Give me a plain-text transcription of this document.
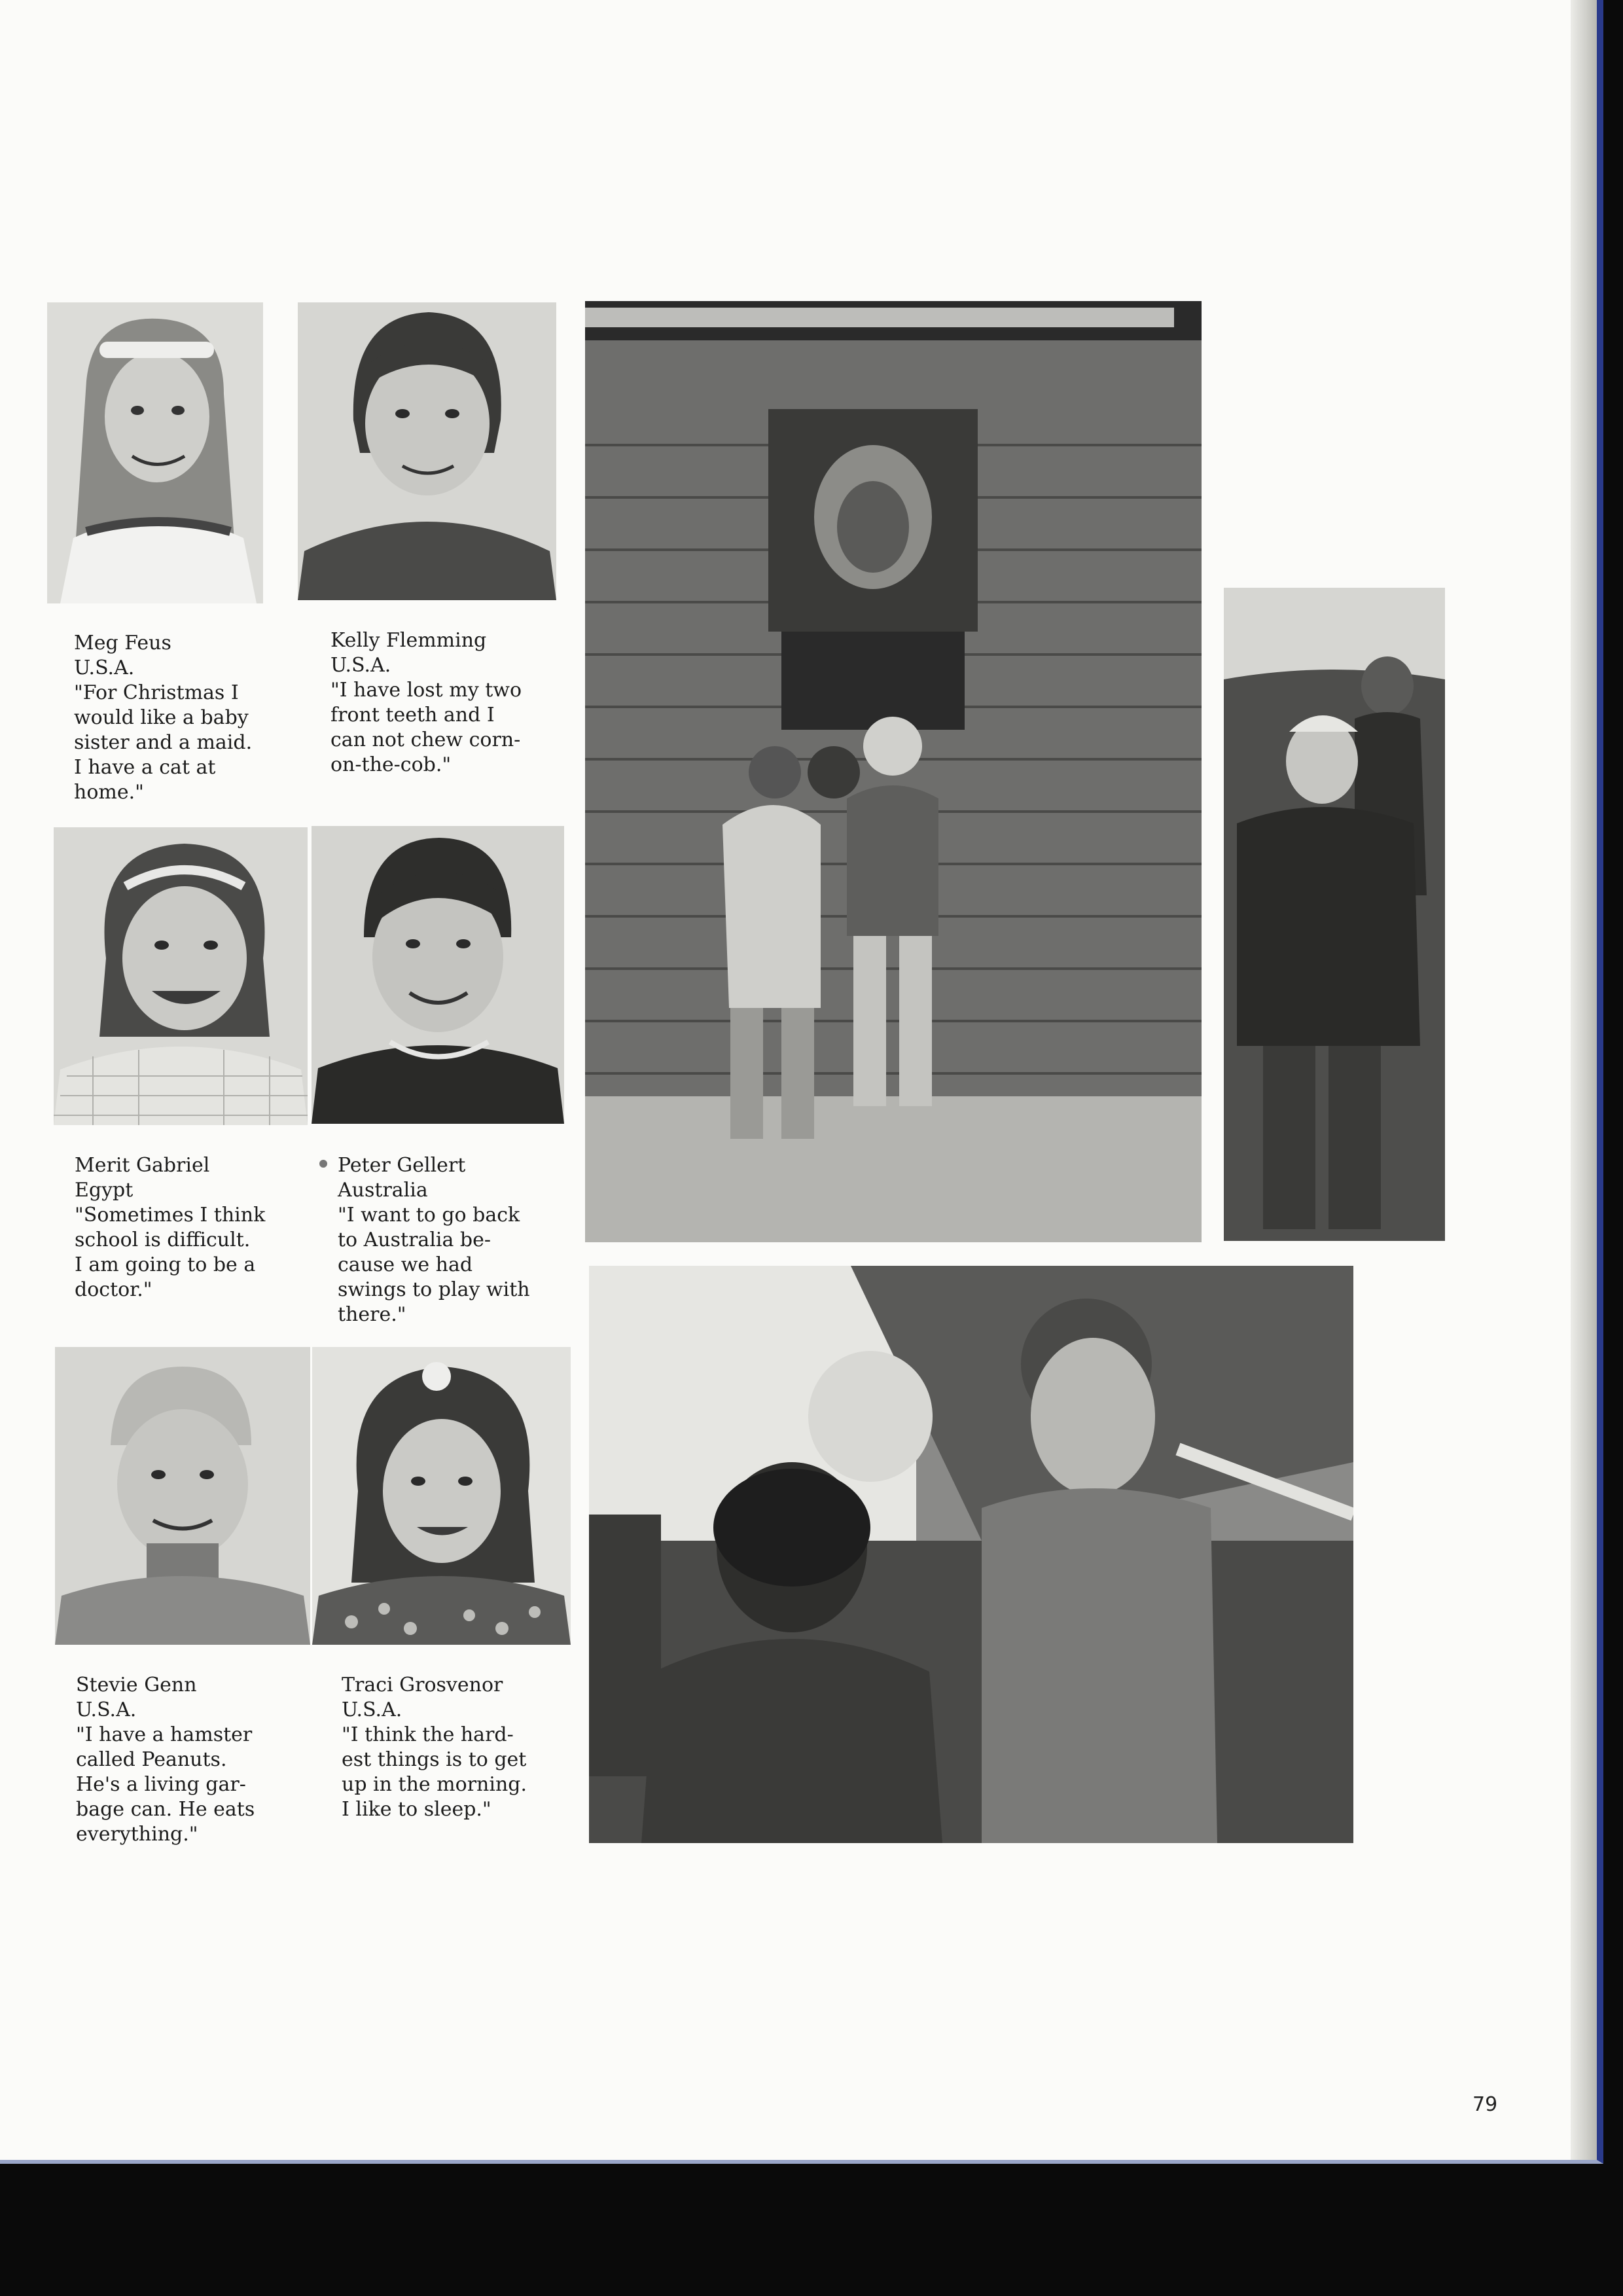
Meg Feus
U.S.A.
"For Christmas I
would like a baby
sister and a maid.
I have a cat at
home."
Kelly Flemming
U.S.A.
"I have lost my two
front teeth and I
can not chew corn-
on-the-cob."
Merit Gabriel
Egypt
"Sometimes I think
school is difficult.
I am going to be a
doctor."
Peter Gellert
Australia
"I want to go back
to Australia be-
cause we had
swings to play with
there."
Stevie Genn
U.S.A.
"I have a hamster
called Peanuts.
He's a living gar-
bage can. He eats
everything."
Traci Grosvenor
U.S.A.
"I think the hard-
est things is to get
up in the morning.
I like to sleep."
79
